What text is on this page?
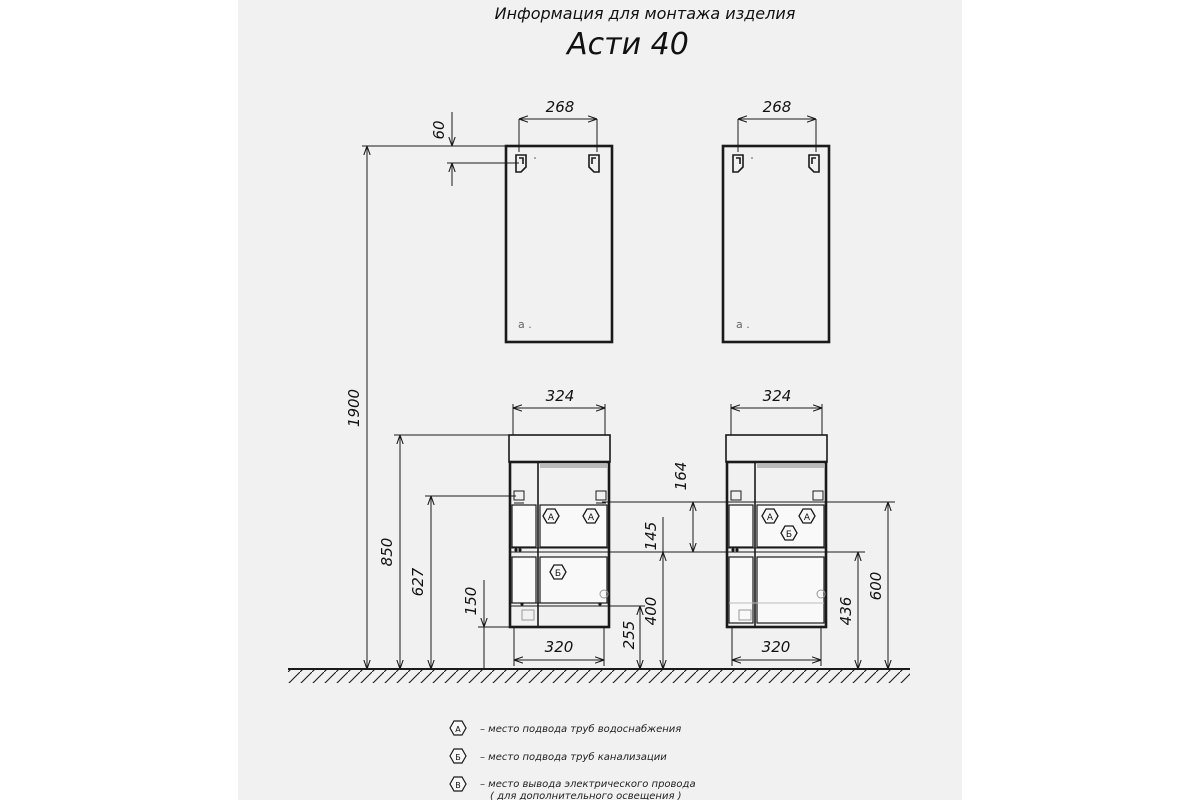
Информация для монтажа изделия
Асти 40
a .
268
60
a .
268
1900
А	А
Б
324
850
627
150
320
164
145
400
255
А	А
Б
324
320
436
600
А – место подвода труб водоснабжения
Б – место подвода труб канализации
В – место вывода электрического провода
( для дополнительного освещения )
